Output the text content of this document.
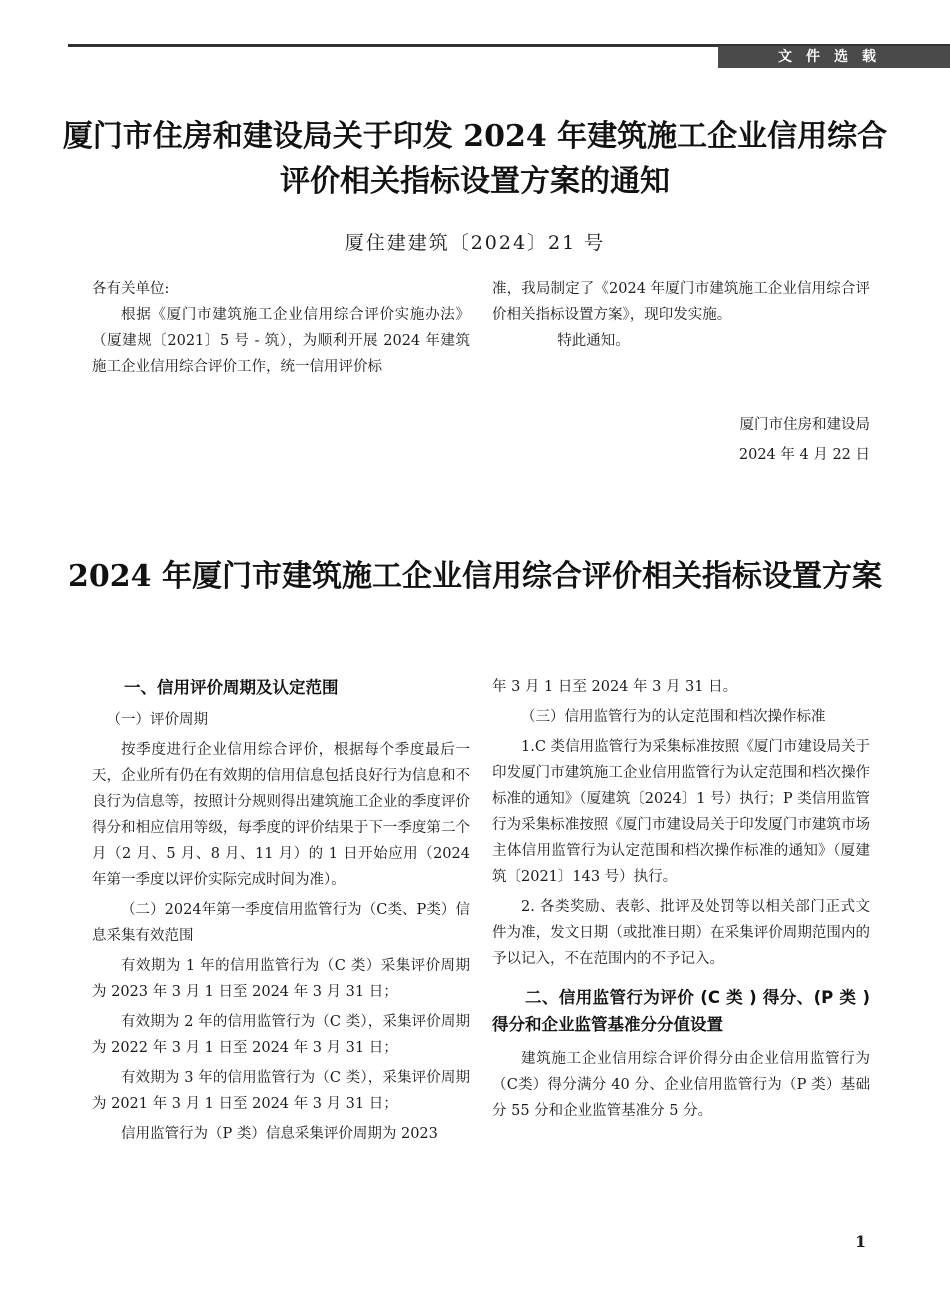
文件选载
厦门市住房和建设局关于印发 2024 年建筑施工企业信用综合评价相关指标设置方案的通知
厦住建建筑〔2024〕21 号

各有关单位:

根据《厦门市建筑施工企业信用综合评价实施办法》（厦建规〔2021〕5 号 - 筑），为顺利开展 2024 年建筑施工企业信用综合评价工作，统一信用评价标

准，我局制定了《2024 年厦门市建筑施工企业信用综合评价相关指标设置方案》，现印发实施。

特此通知。

厦门市住房和建设局

2024 年 4 月 22 日

2024 年厦门市建筑施工企业信用综合评价相关指标设置方案

一、信用评价周期及认定范围

（一）评价周期

按季度进行企业信用综合评价，根据每个季度最后一天，企业所有仍在有效期的信用信息包括良好行为信息和不良行为信息等，按照计分规则得出建筑施工企业的季度评价得分和相应信用等级，每季度的评价结果于下一季度第二个月（2 月、5 月、8 月、11 月）的 1 日开始应用（2024 年第一季度以评价实际完成时间为准）。

（二）2024年第一季度信用监管行为（C类、P类）信息采集有效范围

有效期为 1 年的信用监管行为（C 类）采集评价周期为 2023 年 3 月 1 日至 2024 年 3 月 31 日；

有效期为 2 年的信用监管行为（C 类），采集评价周期为 2022 年 3 月 1 日至 2024 年 3 月 31 日；

有效期为 3 年的信用监管行为（C 类），采集评价周期为 2021 年 3 月 1 日至 2024 年 3 月 31 日；

信用监管行为（P 类）信息采集评价周期为 2023

年 3 月 1 日至 2024 年 3 月 31 日。

（三）信用监管行为的认定范围和档次操作标准

1.C 类信用监管行为采集标准按照《厦门市建设局关于印发厦门市建筑施工企业信用监管行为认定范围和档次操作标准的通知》（厦建筑〔2024〕1 号）执行；P 类信用监管行为采集标准按照《厦门市建设局关于印发厦门市建筑市场主体信用监管行为认定范围和档次操作标准的通知》（厦建筑〔2021〕143 号）执行。

2. 各类奖励、表彰、批评及处罚等以相关部门正式文件为准，发文日期（或批准日期）在采集评价周期范围内的予以记入，不在范围内的不予记入。

二、信用监管行为评价 (C 类 ) 得分、(P 类 ) 得分和企业监管基准分分值设置

建筑施工企业信用综合评价得分由企业信用监管行为（C类）得分满分 40 分、企业信用监管行为（P 类）基础分 55 分和企业监管基准分 5 分。

1
